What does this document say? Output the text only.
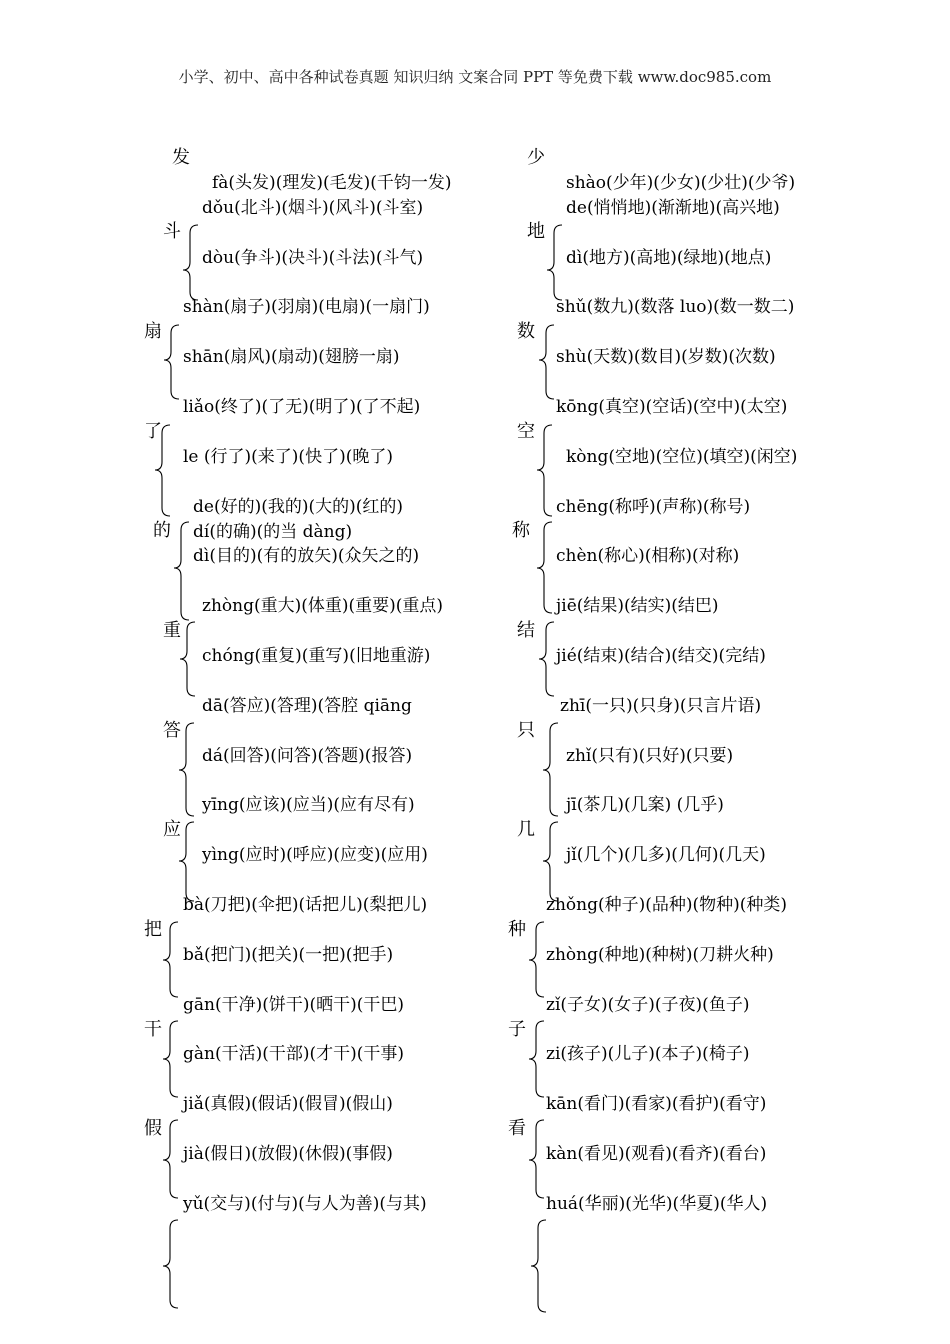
小学、初中、高中各种试卷真题 知识归纳 文案合同 PPT 等免费下载 www.doc985.com
发
斗
扇
了
的
重
答
应
把
干
假
fà(头发)(理发)(毛发)(千钧一发)
dǒu(北斗)(烟斗)(风斗)(斗室)
dòu(争斗)(决斗)(斗法)(斗气)
shàn(扇子)(羽扇)(电扇)(一扇门)
shān(扇风)(扇动)(翅膀一扇)
liǎo(终了)(了无)(明了)(了不起)
le (行了)(来了)(快了)(晚了)
de(好的)(我的)(大的)(红的)
dí(的确)(的当 dàng)
dì(目的)(有的放矢)(众矢之的)
zhòng(重大)(体重)(重要)(重点)
chóng(重复)(重写)(旧地重游)
dā(答应)(答理)(答腔 qiāng
dá(回答)(问答)(答题)(报答)
yīng(应该)(应当)(应有尽有)
yìng(应时)(呼应)(应变)(应用)
bà(刀把)(伞把)(话把儿)(梨把儿)
bǎ(把门)(把关)(一把)(把手)
gān(干净)(饼干)(晒干)(干巴)
gàn(干活)(干部)(才干)(干事)
jiǎ(真假)(假话)(假冒)(假山)
jià(假日)(放假)(休假)(事假)
yǔ(交与)(付与)(与人为善)(与其)
少
地
数
空
称
结
只
几
种
子
看
shào(少年)(少女)(少壮)(少爷)
de(悄悄地)(渐渐地)(高兴地)
dì(地方)(高地)(绿地)(地点)
shǔ(数九)(数落 luo)(数一数二)
shù(天数)(数目)(岁数)(次数)
kōng(真空)(空话)(空中)(太空)
kòng(空地)(空位)(填空)(闲空)
chēng(称呼)(声称)(称号)
chèn(称心)(相称)(对称)
jiē(结果)(结实)(结巴)
jié(结束)(结合)(结交)(完结)
zhī(一只)(只身)(只言片语)
zhǐ(只有)(只好)(只要)
jī(茶几)(几案) (几乎)
jǐ(几个)(几多)(几何)(几天)
zhǒng(种子)(品种)(物种)(种类)
zhòng(种地)(种树)(刀耕火种)
zǐ(子女)(女子)(子夜)(鱼子)
zi(孩子)(儿子)(本子)(椅子)
kān(看门)(看家)(看护)(看守)
kàn(看见)(观看)(看齐)(看台)
huá(华丽)(光华)(华夏)(华人)
